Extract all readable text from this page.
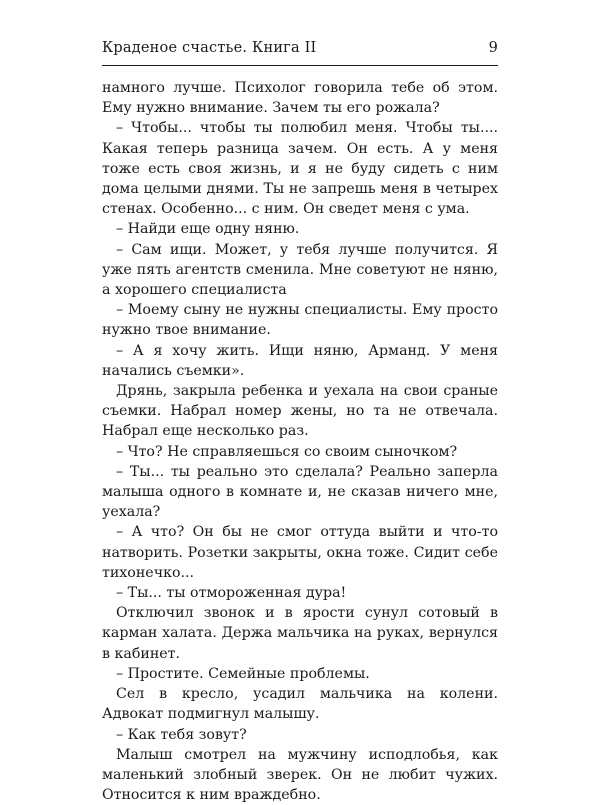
Краденое счастье. Книга II	9

намного лучше. Психолог говорила тебе об этом. Ему нужно внимание. Зачем ты его рожала?

– Чтобы... чтобы ты полюбил меня. Чтобы ты.... Какая теперь разница зачем. Он есть. А у меня тоже есть своя жизнь, и я не буду сидеть с ним дома целыми днями. Ты не запрешь меня в четырех стенах. Особенно... с ним. Он сведет меня с ума.

– Найди еще одну няню.

– Сам ищи. Может, у тебя лучше получится. Я уже пять агентств сменила. Мне советуют не няню, а хорошего специалиста

– Моему сыну не нужны специалисты. Ему просто нужно твое внимание.

– А я хочу жить. Ищи няню, Арманд. У меня начались съемки».

Дрянь, закрыла ребенка и уехала на свои сраные съемки. Набрал номер жены, но та не отвечала. Набрал еще несколько раз.

– Что? Не справляешься со своим сыночком?

– Ты... ты реально это сделала? Реально заперла малыша одного в комнате и, не сказав ничего мне, уехала?

– А что? Он бы не смог оттуда выйти и что-то натворить. Розетки закрыты, окна тоже. Сидит себе тихонечко...

– Ты... ты отмороженная дура!

Отключил звонок и в ярости сунул сотовый в карман халата. Держа мальчика на руках, вернулся в кабинет.

– Простите. Семейные проблемы.

Сел в кресло, усадил мальчика на колени. Адвокат подмигнул малышу.

– Как тебя зовут?

Малыш смотрел на мужчину исподлобья, как маленький злобный зверек. Он не любит чужих. Относится к ним враждебно.
